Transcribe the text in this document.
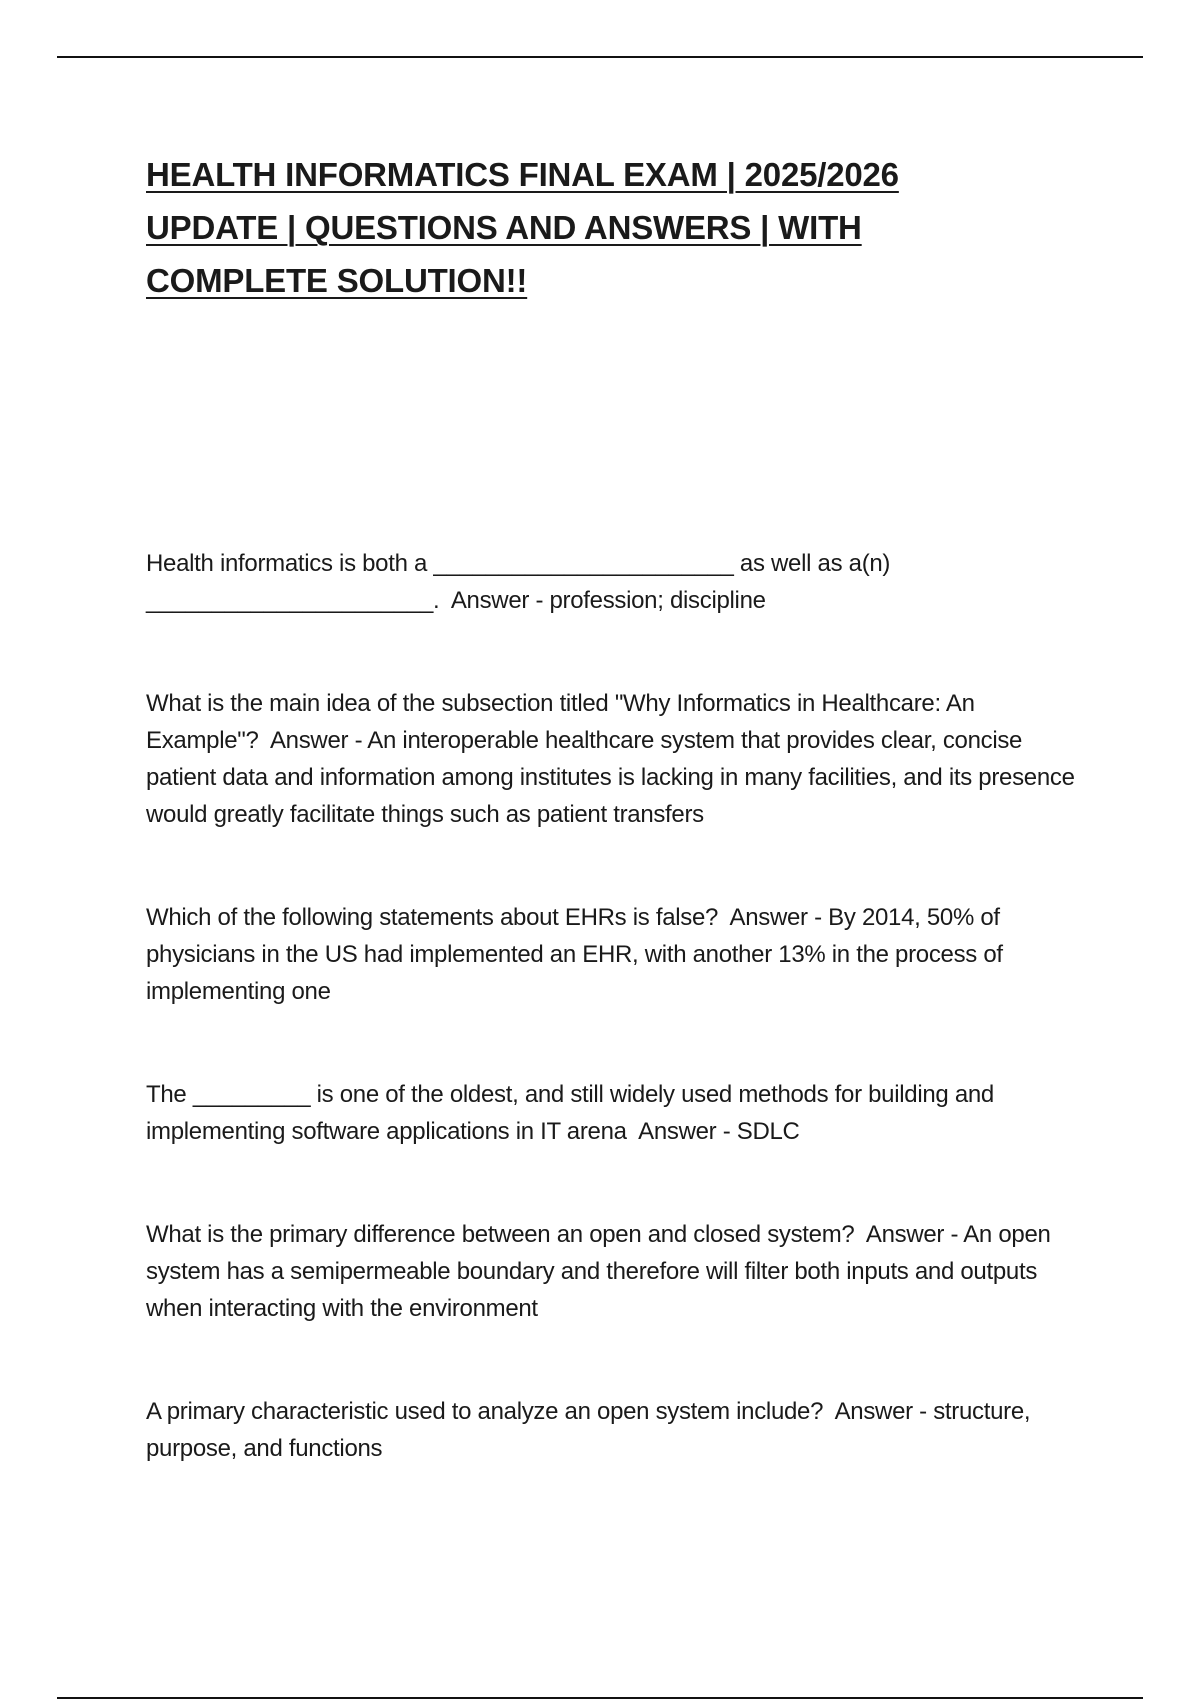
HEALTH INFORMATICS FINAL EXAM | 2025/2026 UPDATE | QUESTIONS AND ANSWERS | WITH COMPLETE SOLUTION!!

Health informatics is both a _______________________ as well as a(n) ______________________. Answer - profession; discipline

What is the main idea of the subsection titled "Why Informatics in Healthcare: An Example"? Answer - An interoperable healthcare system that provides clear, concise patient data and information among institutes is lacking in many facilities, and its presence would greatly facilitate things such as patient transfers

Which of the following statements about EHRs is false? Answer - By 2014, 50% of physicians in the US had implemented an EHR, with another 13% in the process of implementing one

The _________ is one of the oldest, and still widely used methods for building and implementing software applications in IT arena Answer - SDLC

What is the primary difference between an open and closed system? Answer - An open system has a semipermeable boundary and therefore will filter both inputs and outputs when interacting with the environment

A primary characteristic used to analyze an open system include? Answer - structure, purpose, and functions
